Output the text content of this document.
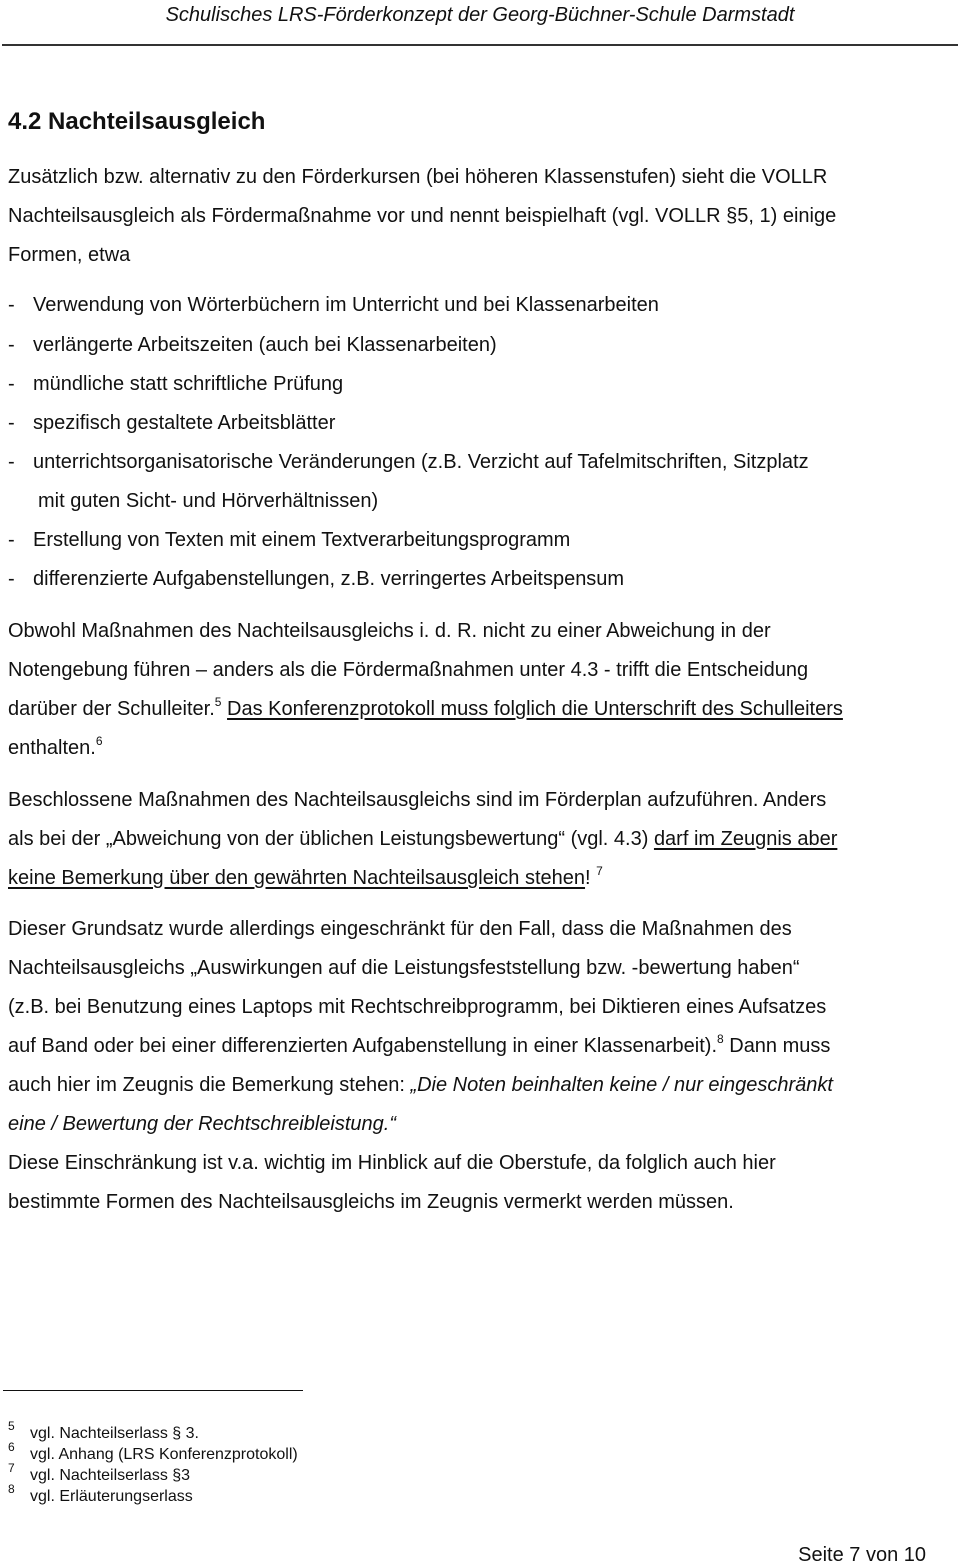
Schulisches LRS-Förderkonzept der Georg-Büchner-Schule Darmstadt
4.2 Nachteilsausgleich
Zusätzlich bzw. alternativ zu den Förderkursen (bei höheren Klassenstufen) sieht die VOLLR
Nachteilsausgleich als Fördermaßnahme vor und nennt beispielhaft (vgl. VOLLR §5, 1) einige
Formen, etwa
- Verwendung von Wörterbüchern im Unterricht und bei Klassenarbeiten
- verlängerte Arbeitszeiten (auch bei Klassenarbeiten)
- mündliche statt schriftliche Prüfung
- spezifisch gestaltete Arbeitsblätter
- unterrichtsorganisatorische Veränderungen (z.B. Verzicht auf Tafelmitschriften, Sitzplatz
mit guten Sicht- und Hörverhältnissen)
- Erstellung von Texten mit einem Textverarbeitungsprogramm
- differenzierte Aufgabenstellungen, z.B. verringertes Arbeitspensum
Obwohl Maßnahmen des Nachteilsausgleichs i. d. R. nicht zu einer Abweichung in der
Notengebung führen – anders als die Fördermaßnahmen unter 4.3 - trifft die Entscheidung
darüber der Schulleiter.$^5$ Das Konferenzprotokoll muss folglich die Unterschrift des Schulleiters
enthalten.$^6$
Beschlossene Maßnahmen des Nachteilsausgleichs sind im Förderplan aufzuführen. Anders
als bei der „Abweichung von der üblichen Leistungsbewertung“ (vgl. 4.3) darf im Zeugnis aber
keine Bemerkung über den gewährten Nachteilsausgleich stehen! $^7$
Dieser Grundsatz wurde allerdings eingeschränkt für den Fall, dass die Maßnahmen des
Nachteilsausgleichs „Auswirkungen auf die Leistungsfeststellung bzw. -bewertung haben“
(z.B. bei Benutzung eines Laptops mit Rechtschreibprogramm, bei Diktieren eines Aufsatzes
auf Band oder bei einer differenzierten Aufgabenstellung in einer Klassenarbeit).$^8$ Dann muss
auch hier im Zeugnis die Bemerkung stehen: „Die Noten beinhalten keine / nur eingeschränkt
eine / Bewertung der Rechtschreibleistung.“
Diese Einschränkung ist v.a. wichtig im Hinblick auf die Oberstufe, da folglich auch hier
bestimmte Formen des Nachteilsausgleichs im Zeugnis vermerkt werden müssen.
5 vgl. Nachteilserlass § 3.
6 vgl. Anhang (LRS Konferenzprotokoll)
7 vgl. Nachteilserlass §3
8 vgl. Erläuterungserlass
Seite 7 von 10
